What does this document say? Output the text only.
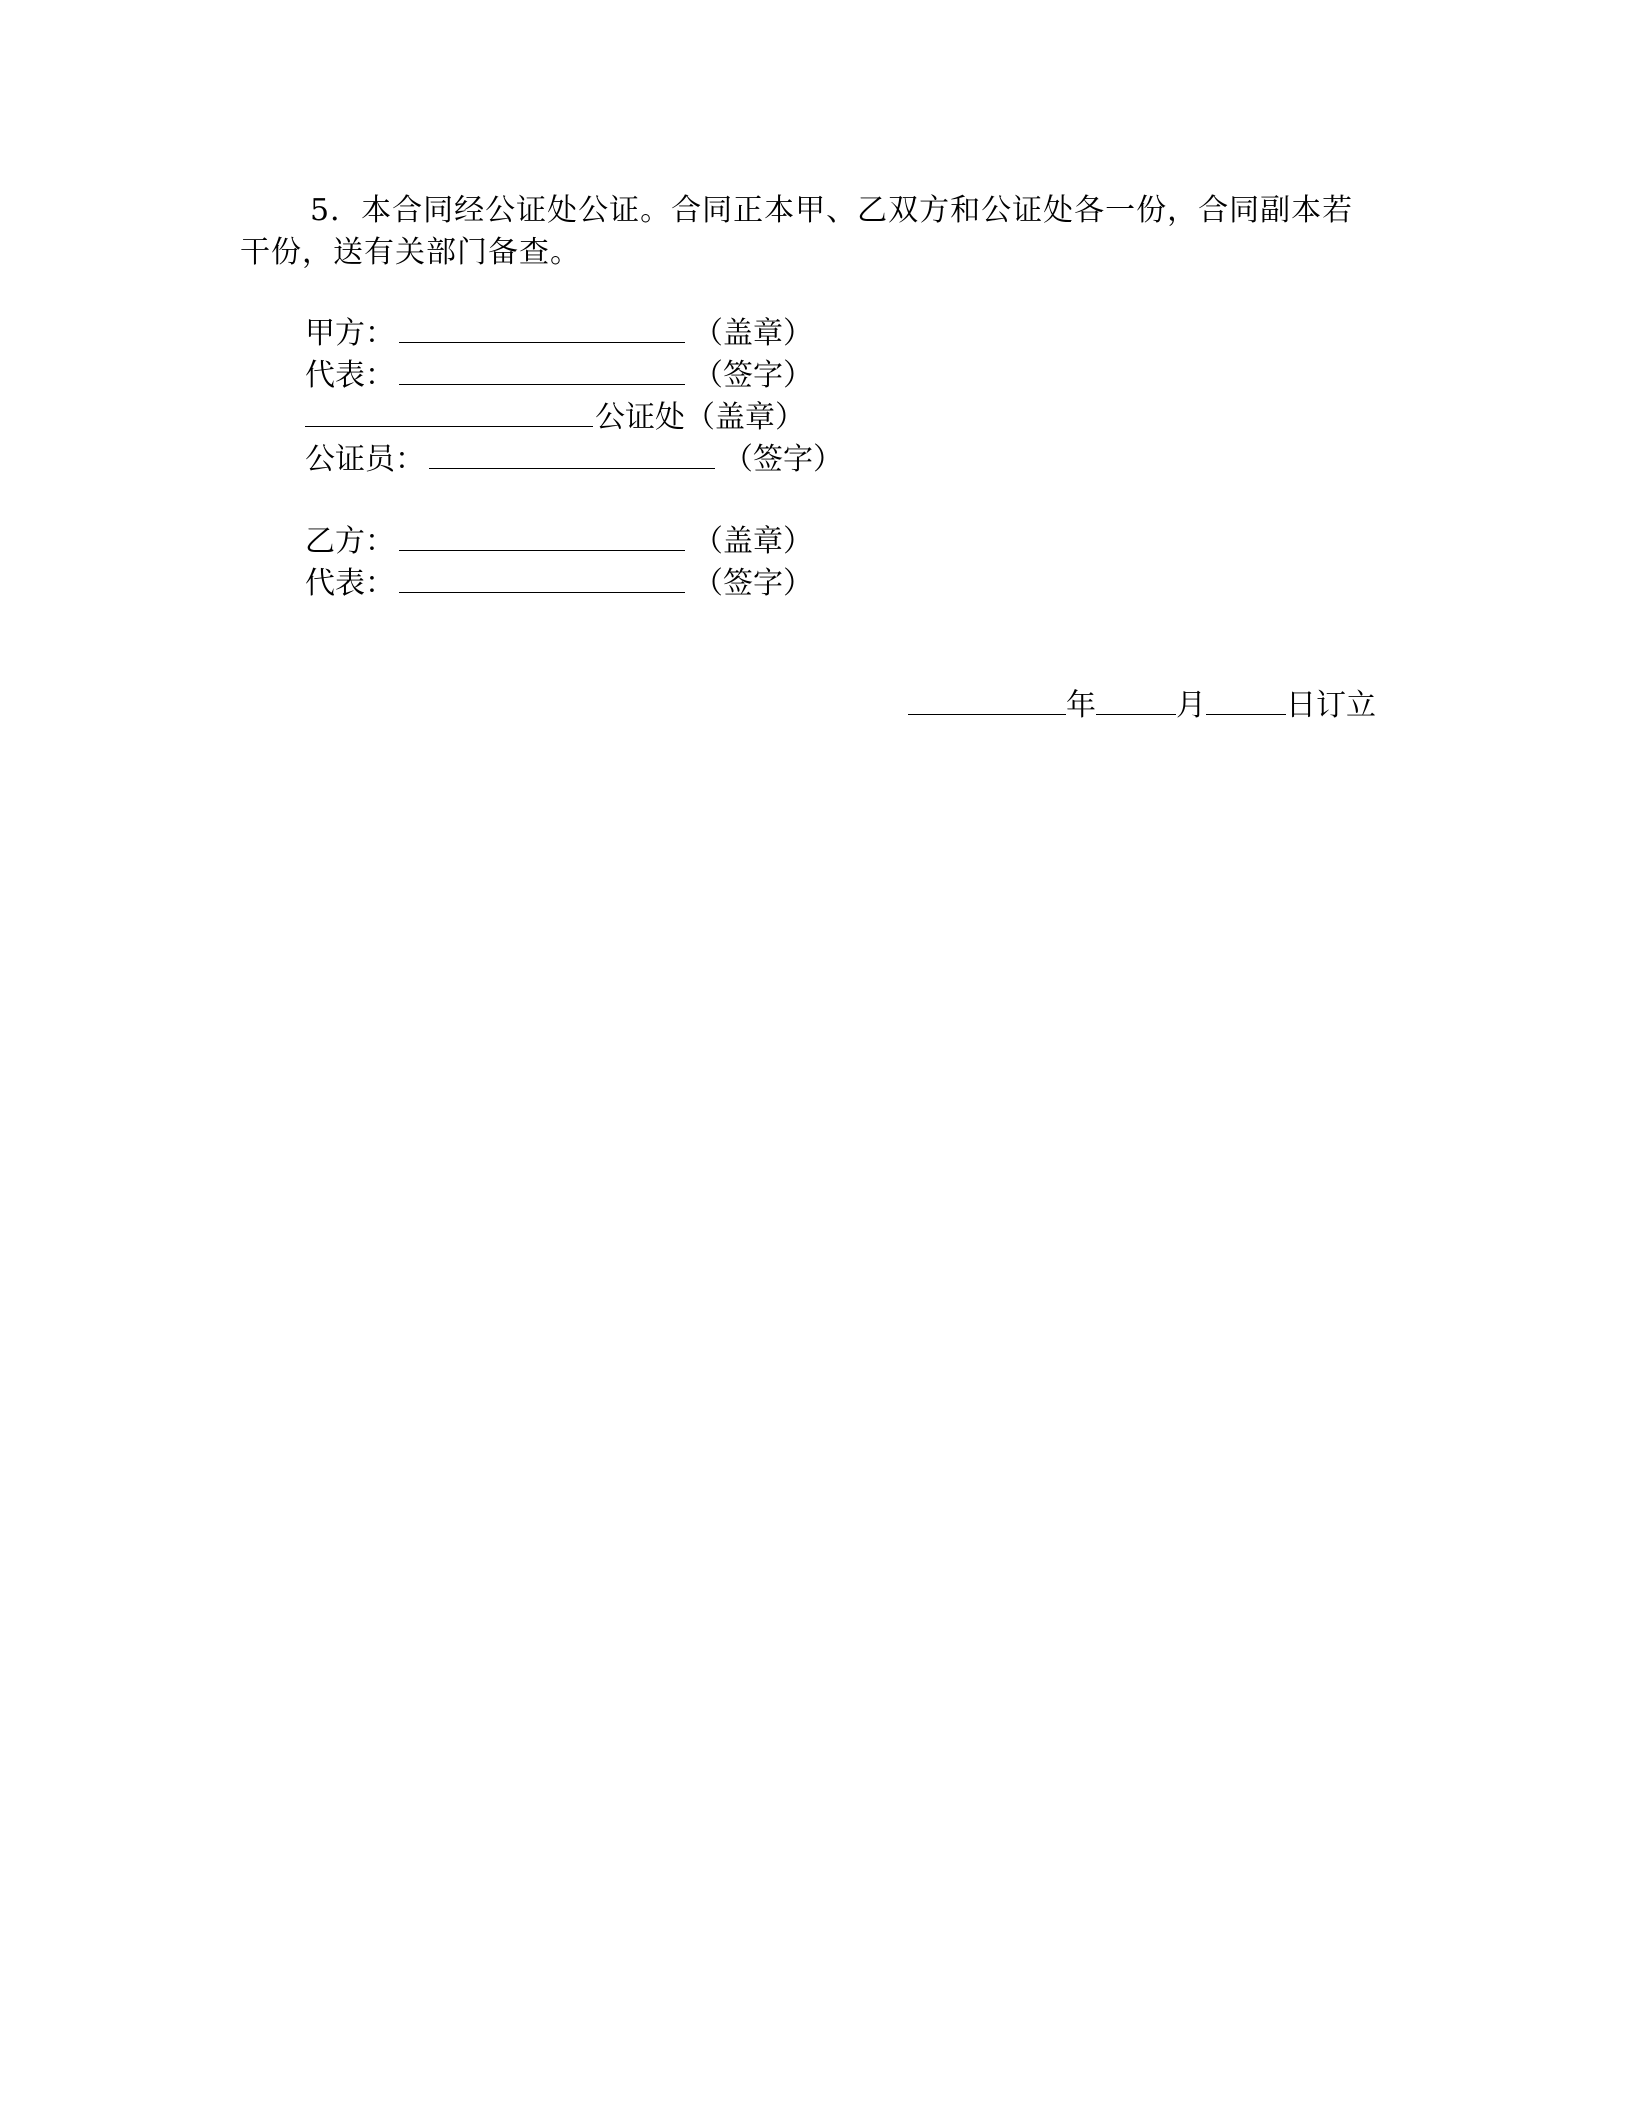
5．本合同经公证处公证。合同正本甲、乙双方和公证处各一份，合同副本若干份，送有关部门备查。

甲方：	（盖章）
代表：	（签字）
公证处 （盖章）
公证员：	（签字）
乙方：	（盖章）
代表：	（签字）
年	月	日订立
